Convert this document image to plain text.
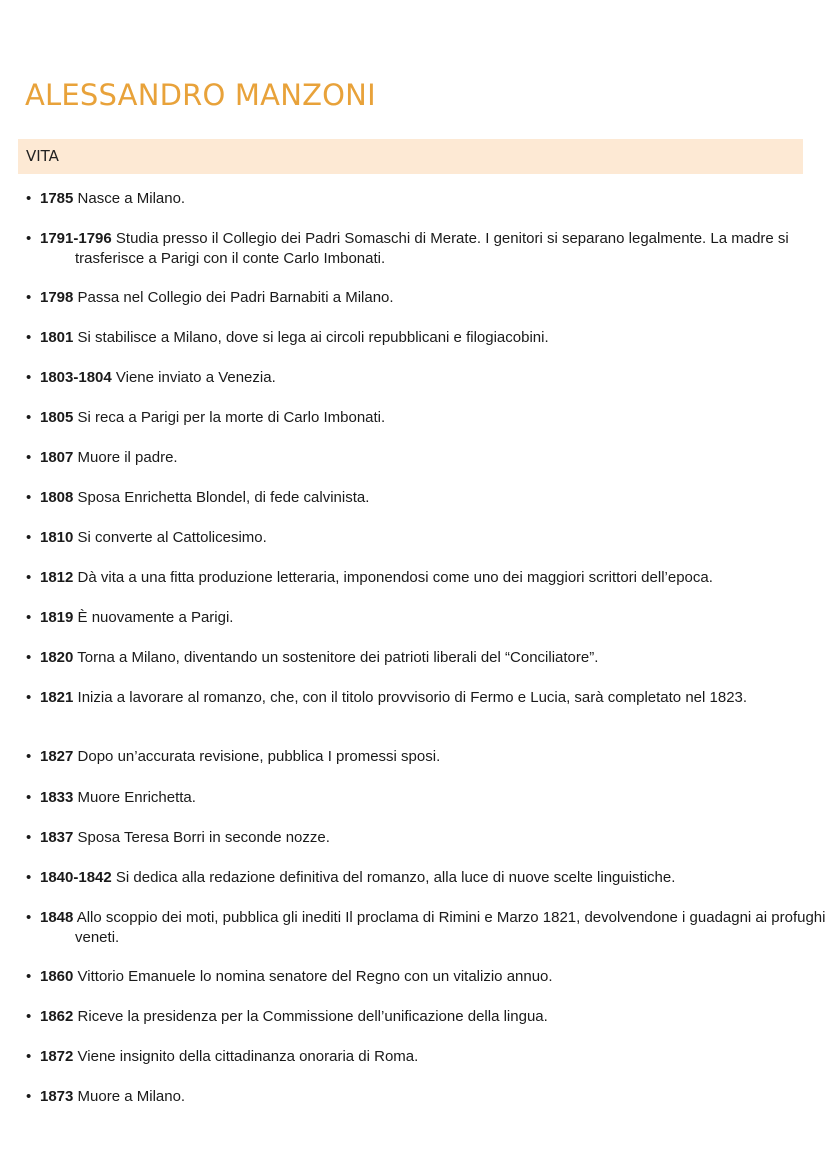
ALESSANDRO MANZONI
VITA
• 1785 Nasce a Milano.
• 1791-1796 Studia presso il Collegio dei Padri Somaschi di Merate. I genitori si separano legalmente. La madre si trasferisce a Parigi con il conte Carlo Imbonati.
• 1798 Passa nel Collegio dei Padri Barnabiti a Milano.
• 1801 Si stabilisce a Milano, dove si lega ai circoli repubblicani e filogiacobini.
• 1803-1804 Viene inviato a Venezia.
• 1805 Si reca a Parigi per la morte di Carlo Imbonati.
• 1807 Muore il padre.
• 1808 Sposa Enrichetta Blondel, di fede calvinista.
• 1810 Si converte al Cattolicesimo.
• 1812 Dà vita a una fitta produzione letteraria, imponendosi come uno dei maggiori scrittori dell’epoca.
• 1819 È nuovamente a Parigi.
• 1820 Torna a Milano, diventando un sostenitore dei patrioti liberali del “Conciliatore”.
• 1821 Inizia a lavorare al romanzo, che, con il titolo provvisorio di Fermo e Lucia, sarà completato nel 1823.
• 1827 Dopo un’accurata revisione, pubblica I promessi sposi.
• 1833 Muore Enrichetta.
• 1837 Sposa Teresa Borri in seconde nozze.
• 1840-1842 Si dedica alla redazione definitiva del romanzo, alla luce di nuove scelte linguistiche.
• 1848 Allo scoppio dei moti, pubblica gli inediti Il proclama di Rimini e Marzo 1821, devolvendone i guadagni ai profughi veneti.
• 1860 Vittorio Emanuele lo nomina senatore del Regno con un vitalizio annuo.
• 1862 Riceve la presidenza per la Commissione dell’unificazione della lingua.
• 1872 Viene insignito della cittadinanza onoraria di Roma.
• 1873 Muore a Milano.
